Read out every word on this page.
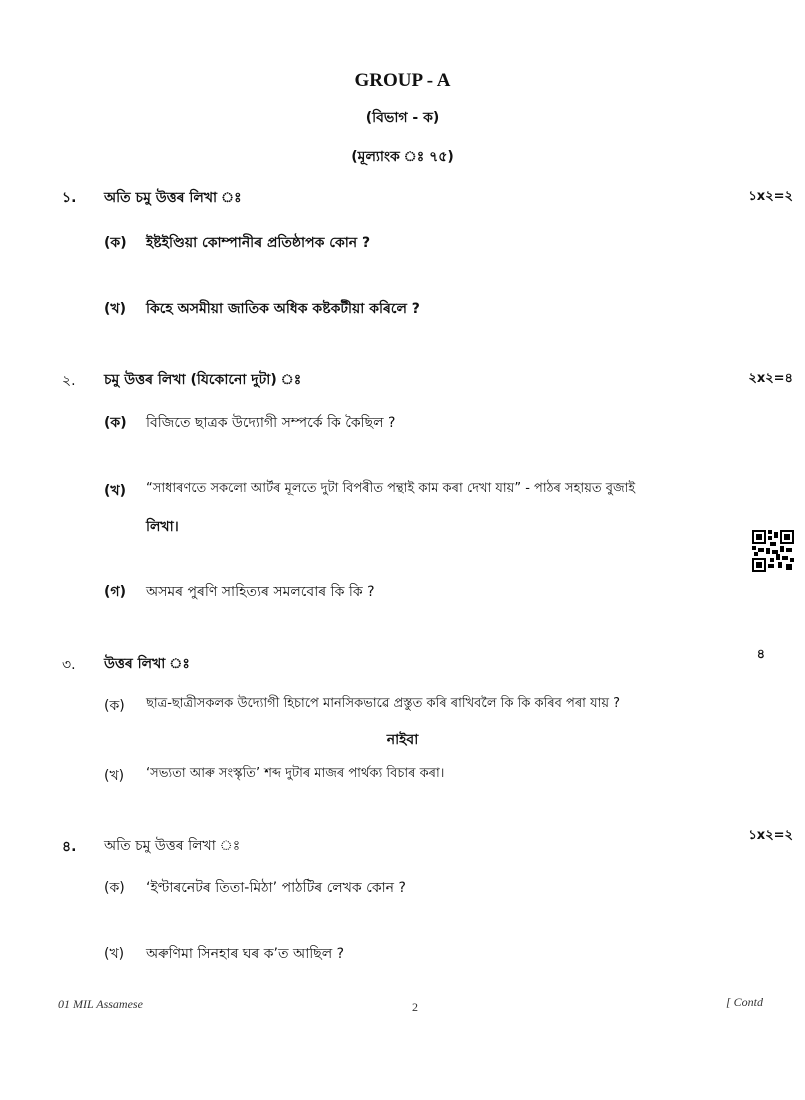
GROUP - A
(বিভাগ - ক)
(মূল্যাংক ঃ ৭৫)
১. অতি চমু উত্তৰ লিখা ঃ	১x২=২
(ক) ইষ্টইণ্ডিয়া কোম্পানীৰ প্ৰতিষ্ঠাপক কোন ?
(খ) কিহে অসমীয়া জাতিক অধিক কষ্টকটীয়া কৰিলে ?
২. চমু উত্তৰ লিখা (যিকোনো দুটা) ঃ	২x২=৪
(ক) বিজিতে ছাত্ৰক উদ্যোগী সম্পৰ্কে কি কৈছিল ?
(খ) “সাধাৰণতে সকলো আৰ্টৰ মূলতে দুটা বিপৰীত পন্থাই কাম কৰা দেখা যায়” - পাঠৰ সহায়ত বুজাই
লিখা।
(গ) অসমৰ পুৰণি সাহিত্যৰ সমলবোৰ কি কি ?
৩. উত্তৰ লিখা ঃ
৪
(ক) ছাত্ৰ-ছাত্ৰীসকলক উদ্যোগী হিচাপে মানসিকভাৱে প্ৰস্তুত কৰি ৰাখিবলৈ কি কি কৰিব পৰা যায় ?
নাইবা
(খ) ‘সভ্যতা আৰু সংস্কৃতি’ শব্দ দুটাৰ মাজৰ পাৰ্থক্য বিচাৰ কৰা।
৪. অতি চমু উত্তৰ লিখা ঃ
১x২=২
(ক) ‘ইণ্টাৰনেটৰ তিতা-মিঠা’ পাঠটিৰ লেখক কোন ?
(খ) অৰুণিমা সিনহাৰ ঘৰ ক’ত আছিল ?
01 MIL Assamese	2	[ Contd
